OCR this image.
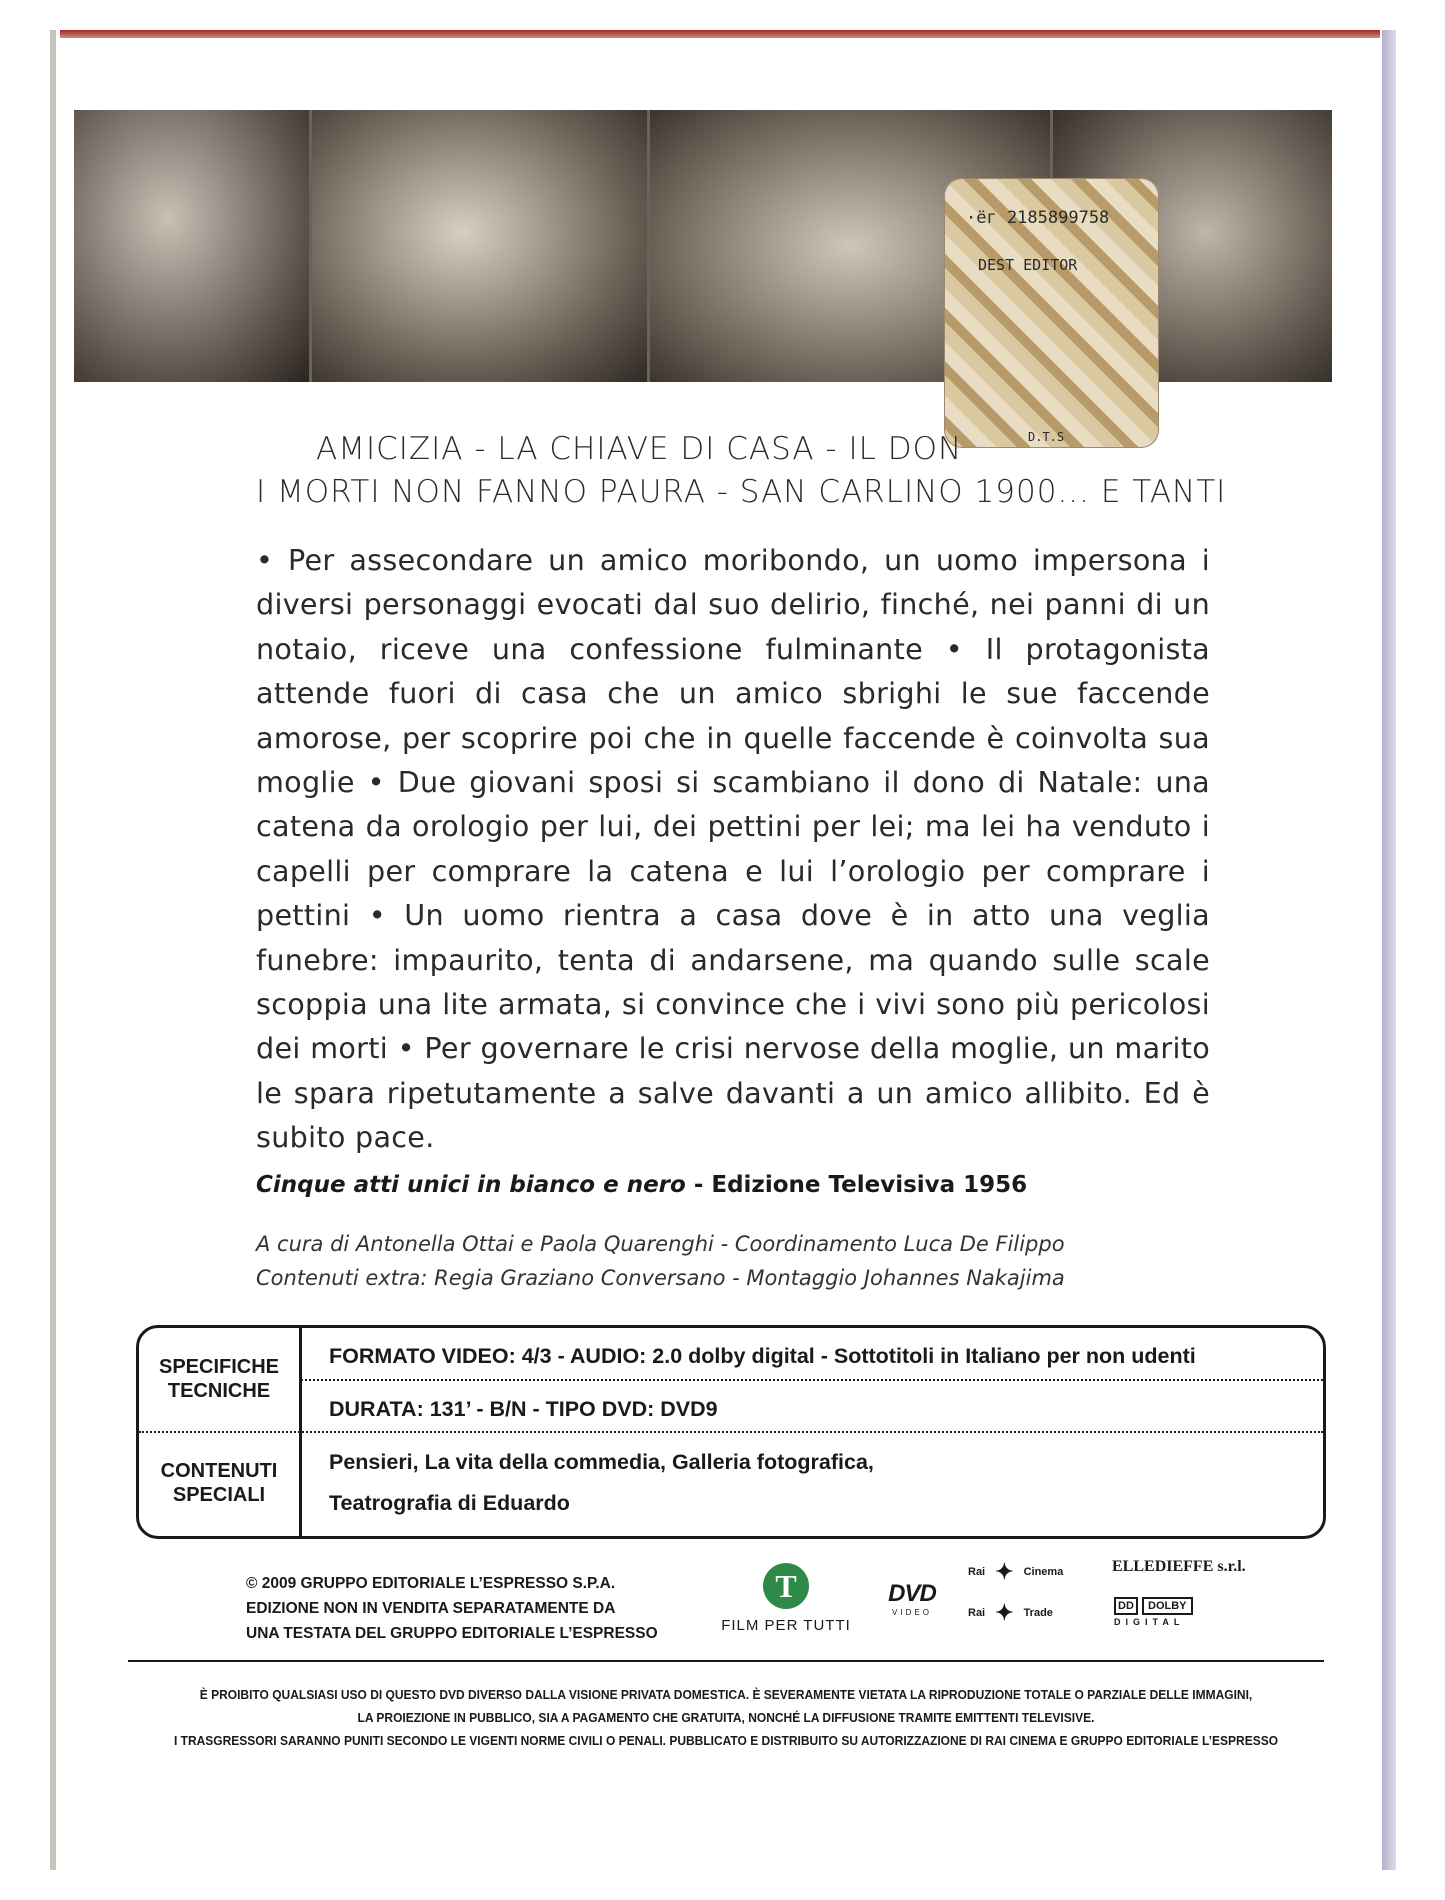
·ёг 2185899758
DEST EDITOR
D.T.S
AMICIZIA - LA CHIAVE DI CASA - IL DON
I MORTI NON FANNO PAURA - SAN CARLINO 1900... E TANTI
• Per assecondare un amico moribondo, un uomo impersona i diversi personaggi evocati dal suo delirio, finché, nei panni di un notaio, riceve una confessione fulminante • Il protagonista attende fuori di casa che un amico sbrighi le sue faccende amorose, per scoprire poi che in quelle faccende è coinvolta sua moglie • Due giovani sposi si scambiano il dono di Natale: una catena da orologio per lui, dei pettini per lei; ma lei ha venduto i capelli per comprare la catena e lui l’orologio per comprare i pettini • Un uomo rientra a casa dove è in atto una veglia funebre: impaurito, tenta di andarsene, ma quando sulle scale scoppia una lite armata, si convince che i vivi sono più pericolosi dei morti • Per governare le crisi nervose della moglie, un marito le spara ripetutamente a salve davanti a un amico allibito. Ed è subito pace.
Cinque atti unici in bianco e nero - Edizione Televisiva 1956
A cura di Antonella Ottai e Paola Quarenghi - Coordinamento Luca De Filippo
Contenuti extra: Regia Graziano Conversano - Montaggio Johannes Nakajima
SPECIFICHE
TECNICHE
CONTENUTI
SPECIALI
FORMATO VIDEO: 4/3 - AUDIO: 2.0 dolby digital - Sottotitoli in Italiano per non udenti
DURATA: 131’ - B/N - TIPO DVD: DVD9
Pensieri, La vita della commedia, Galleria fotografica,
Teatrografia di Eduardo
© 2009 GRUPPO EDITORIALE L’ESPRESSO S.P.A.
EDIZIONE NON IN VENDITA SEPARATAMENTE DA
UNA TESTATA DEL GRUPPO EDITORIALE L’ESPRESSO
T
FILM PER TUTTI
DVD
VIDEO
Rai ✦ Cinema
Rai ✦ Trade
ELLEDIEFFE s.r.l.
DD	DOLBY
DIGITAL
È PROIBITO QUALSIASI USO DI QUESTO DVD DIVERSO DALLA VISIONE PRIVATA DOMESTICA. È SEVERAMENTE VIETATA LA RIPRODUZIONE TOTALE O PARZIALE DELLE IMMAGINI,
LA PROIEZIONE IN PUBBLICO, SIA A PAGAMENTO CHE GRATUITA, NONCHÉ LA DIFFUSIONE TRAMITE EMITTENTI TELEVISIVE.
I TRASGRESSORI SARANNO PUNITI SECONDO LE VIGENTI NORME CIVILI O PENALI. PUBBLICATO E DISTRIBUITO SU AUTORIZZAZIONE DI RAI CINEMA E GRUPPO EDITORIALE L’ESPRESSO
